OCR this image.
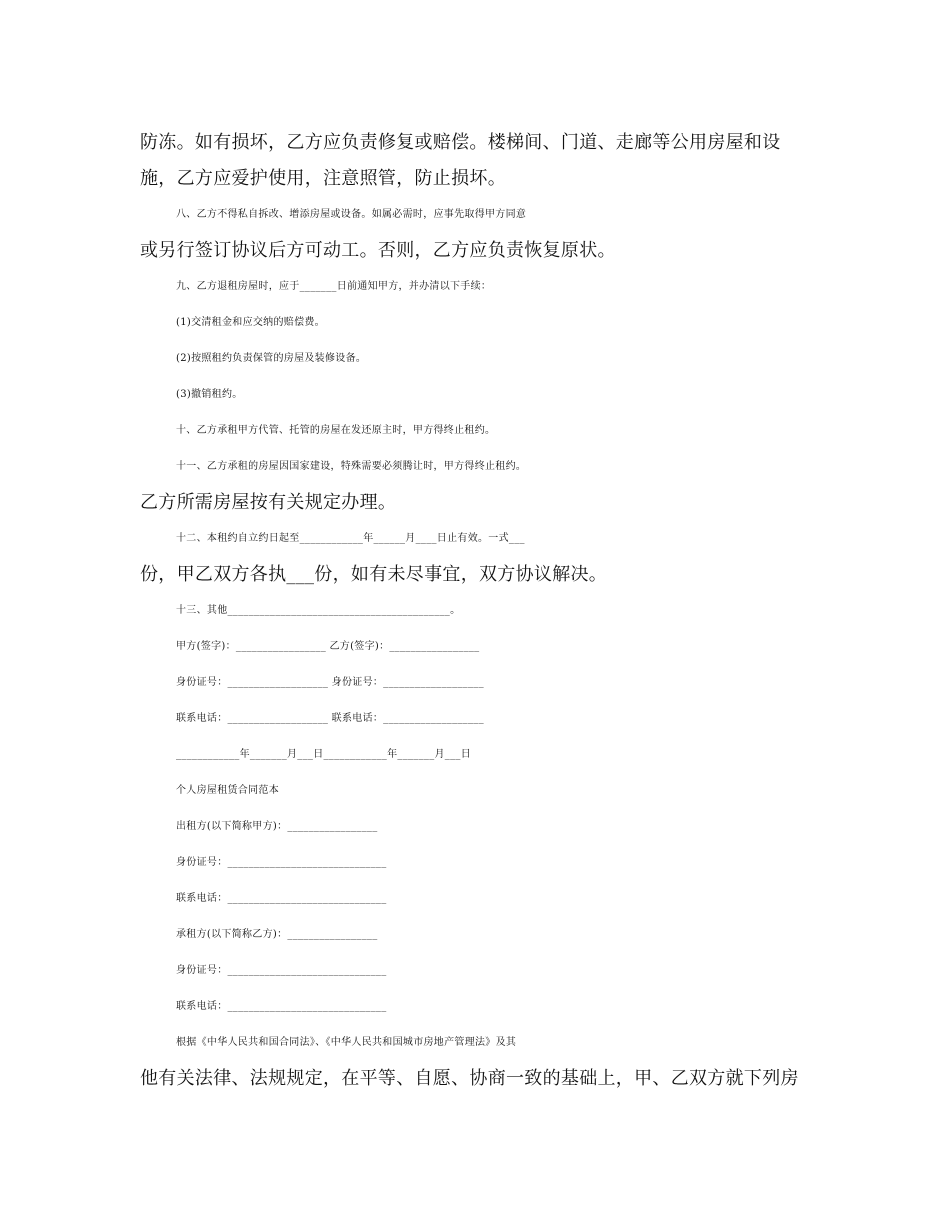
防冻。如有损坏，乙方应负责修复或赔偿。楼梯间、门道、走廊等公用房屋和设
施，乙方应爱护使用，注意照管，防止损坏。
八、乙方不得私自拆改、增添房屋或设备。如属必需时，应事先取得甲方同意
或另行签订协议后方可动工。否则，乙方应负责恢复原状。
九、乙方退租房屋时，应于_______日前通知甲方，并办清以下手续：
(1)交清租金和应交纳的赔偿费。
(2)按照租约负责保管的房屋及装修设备。
(3)撤销租约。
十、乙方承租甲方代管、托管的房屋在发还原主时，甲方得终止租约。
十一、乙方承租的房屋因国家建设，特殊需要必须腾让时，甲方得终止租约。
乙方所需房屋按有关规定办理。
十二、本租约自立约日起至____________年______月____日止有效。一式___
份，甲乙双方各执___份，如有未尽事宜，双方协议解决。
十三、其他__________________________________________。
甲方(签字)：_________________ 乙方(签字)：_________________
身份证号：___________________ 身份证号：___________________
联系电话：___________________ 联系电话：___________________
____________年_______月___日____________年_______月___日
个人房屋租赁合同范本
出租方(以下简称甲方)：_________________
身份证号：______________________________
联系电话：______________________________
承租方(以下简称乙方)：_________________
身份证号：______________________________
联系电话：______________________________
根据《中华人民共和国合同法》、《中华人民共和国城市房地产管理法》及其
他有关法律、法规规定，在平等、自愿、协商一致的基础上，甲、乙双方就下列房
